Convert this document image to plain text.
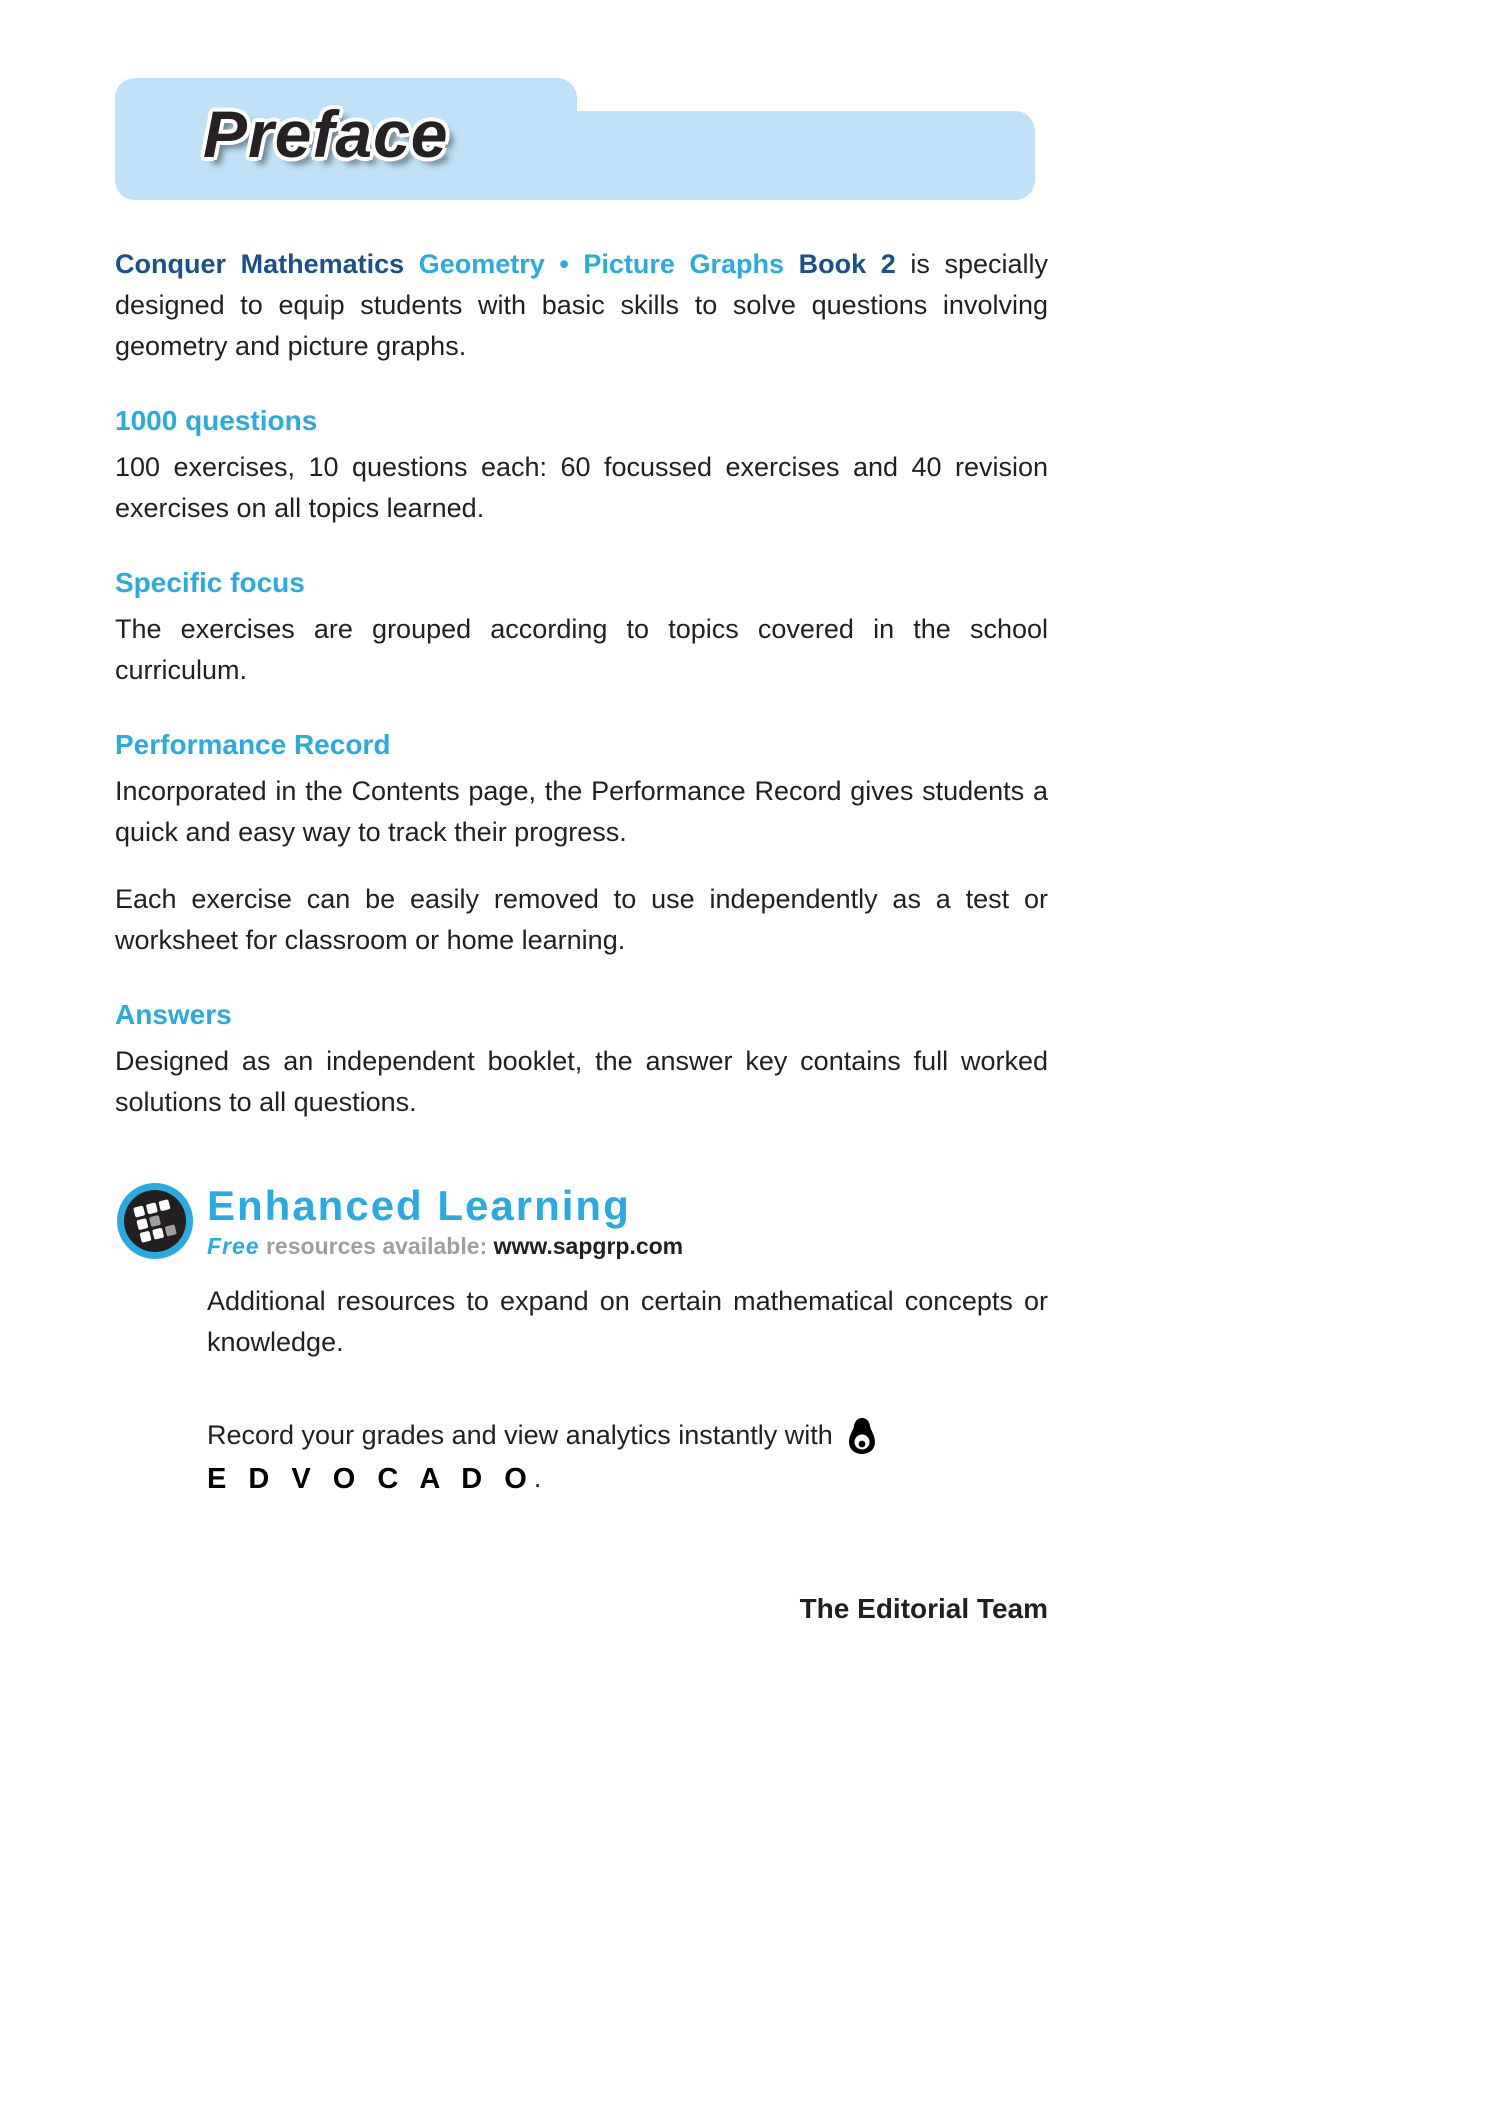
Preface

Conquer Mathematics Geometry • Picture Graphs Book 2 is specially designed to equip students with basic skills to solve questions involving geometry and picture graphs.

1000 questions

100 exercises, 10 questions each: 60 focussed exercises and 40 revision exercises on all topics learned.

Specific focus

The exercises are grouped according to topics covered in the school curriculum.

Performance Record

Incorporated in the Contents page, the Performance Record gives students a quick and easy way to track their progress.

Each exercise can be easily removed to use independently as a test or worksheet for classroom or home learning.

Answers

Designed as an independent booklet, the answer key contains full worked solutions to all questions.

Enhanced Learning
Free resources available: www.sapgrp.com

Additional resources to expand on certain mathematical concepts or knowledge.

Record your grades and view analytics instantly with
E D V O C A D O .
The Editorial Team
